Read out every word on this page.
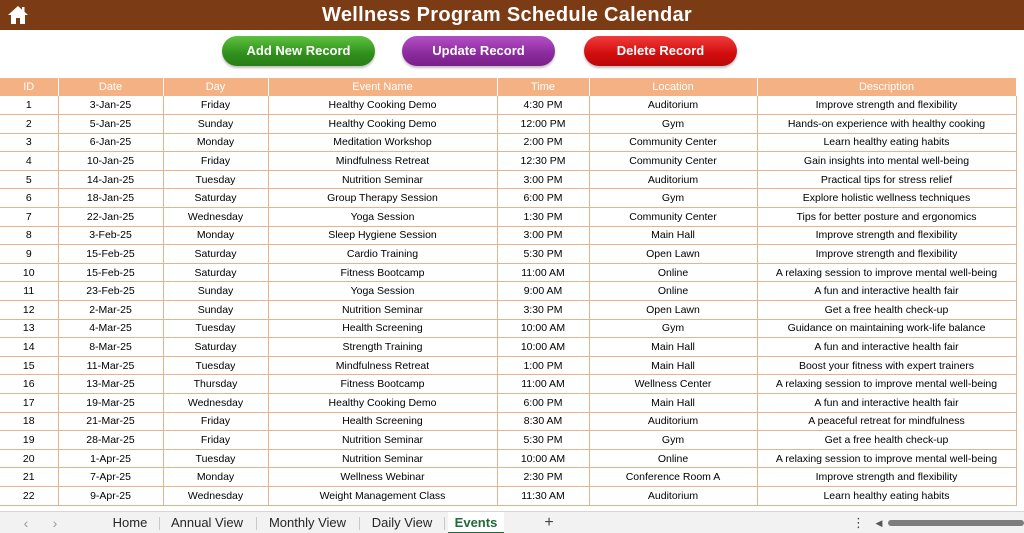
Wellness Program Schedule Calendar
Add New Record	Update Record	Delete Record
ID	Date	Day	Event Name	Time	Location	Description
1	3-Jan-25	Friday	Healthy Cooking Demo	4:30 PM	Auditorium	Improve strength and flexibility
2	5-Jan-25	Sunday	Healthy Cooking Demo	12:00 PM	Gym	Hands-on experience with healthy cooking
3	6-Jan-25	Monday	Meditation Workshop	2:00 PM	Community Center	Learn healthy eating habits
4	10-Jan-25	Friday	Mindfulness Retreat	12:30 PM	Community Center	Gain insights into mental well-being
5	14-Jan-25	Tuesday	Nutrition Seminar	3:00 PM	Auditorium	Practical tips for stress relief
6	18-Jan-25	Saturday	Group Therapy Session	6:00 PM	Gym	Explore holistic wellness techniques
7	22-Jan-25	Wednesday	Yoga Session	1:30 PM	Community Center	Tips for better posture and ergonomics
8	3-Feb-25	Monday	Sleep Hygiene Session	3:00 PM	Main Hall	Improve strength and flexibility
9	15-Feb-25	Saturday	Cardio Training	5:30 PM	Open Lawn	Improve strength and flexibility
10	15-Feb-25	Saturday	Fitness Bootcamp	11:00 AM	Online	A relaxing session to improve mental well-being
11	23-Feb-25	Sunday	Yoga Session	9:00 AM	Online	A fun and interactive health fair
12	2-Mar-25	Sunday	Nutrition Seminar	3:30 PM	Open Lawn	Get a free health check-up
13	4-Mar-25	Tuesday	Health Screening	10:00 AM	Gym	Guidance on maintaining work-life balance
14	8-Mar-25	Saturday	Strength Training	10:00 AM	Main Hall	A fun and interactive health fair
15	11-Mar-25	Tuesday	Mindfulness Retreat	1:00 PM	Main Hall	Boost your fitness with expert trainers
16	13-Mar-25	Thursday	Fitness Bootcamp	11:00 AM	Wellness Center	A relaxing session to improve mental well-being
17	19-Mar-25	Wednesday	Healthy Cooking Demo	6:00 PM	Main Hall	A fun and interactive health fair
18	21-Mar-25	Friday	Health Screening	8:30 AM	Auditorium	A peaceful retreat for mindfulness
19	28-Mar-25	Friday	Nutrition Seminar	5:30 PM	Gym	Get a free health check-up
20	1-Apr-25	Tuesday	Nutrition Seminar	10:00 AM	Online	A relaxing session to improve mental well-being
21	7-Apr-25	Monday	Wellness Webinar	2:30 PM	Conference Room A	Improve strength and flexibility
22	9-Apr-25	Wednesday	Weight Management Class	11:30 AM	Auditorium	Learn healthy eating habits
‹	›	Home	Annual View	Monthly View	Daily View	Events	+	⋮ ◀
